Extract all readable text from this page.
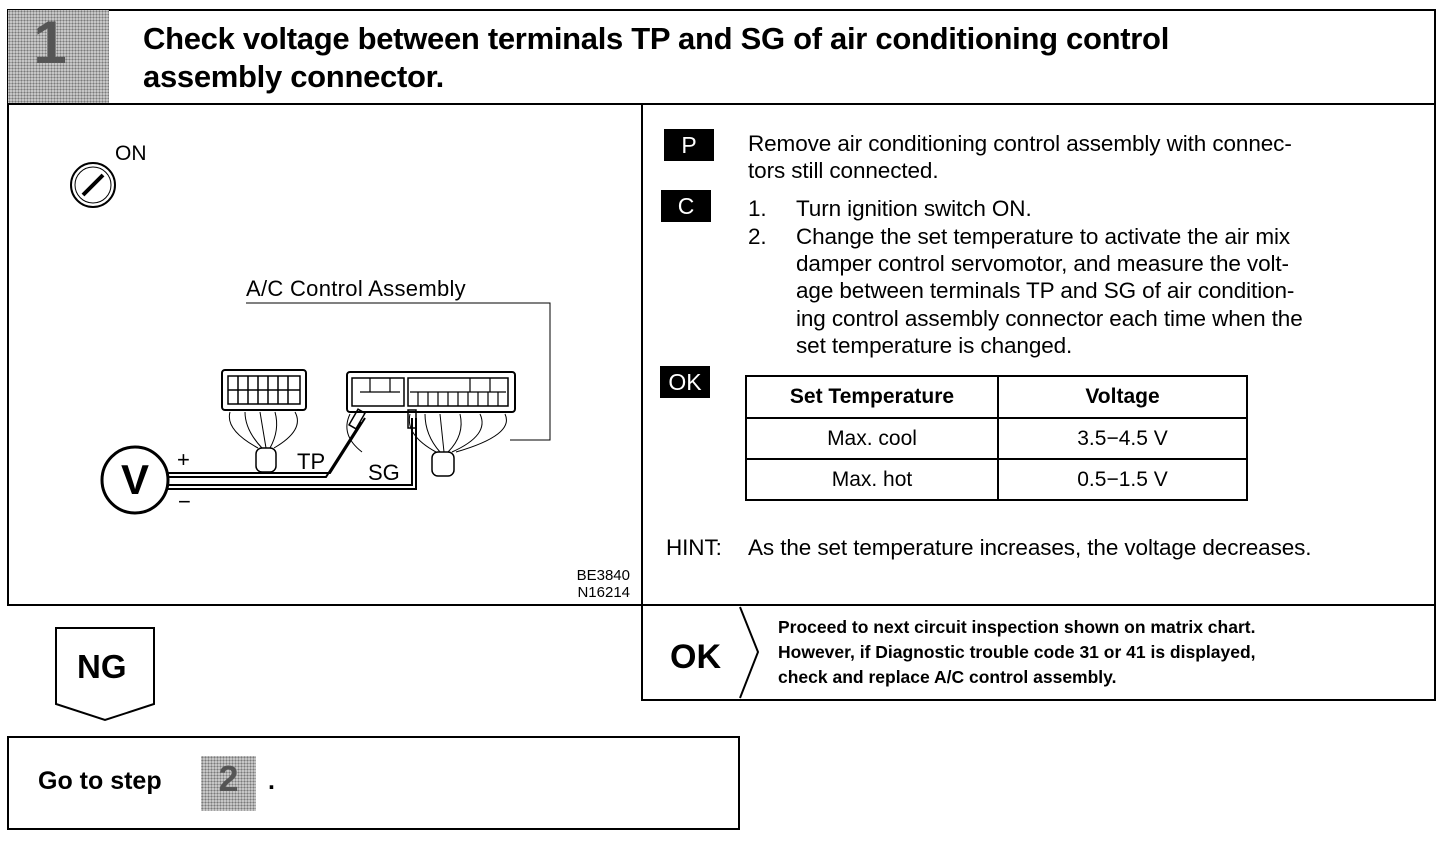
1	Check voltage between terminals TP and SG of air conditioning control
assembly connector.
ON
A/C Control Assembly
V +
−
TP SG
BE3840
N16214
P	Remove air conditioning control assembly with connec-
tors still connected.
C	1. Turn ignition switch ON.
2. Change the set temperature to activate the air mix
damper control servomotor, and measure the volt-
age between terminals TP and SG of air condition-
ing control assembly connector each time when the
set temperature is changed.
OK
Set Temperature	Voltage
Max. cool	3.5−4.5 V
Max. hot	0.5−1.5 V
HINT: As the set temperature increases, the voltage decreases.
OK
Proceed to next circuit inspection shown on matrix chart.
However, if Diagnostic trouble code 31 or 41 is displayed,
check and replace A/C control assembly.
NG
Go to step	2	.
